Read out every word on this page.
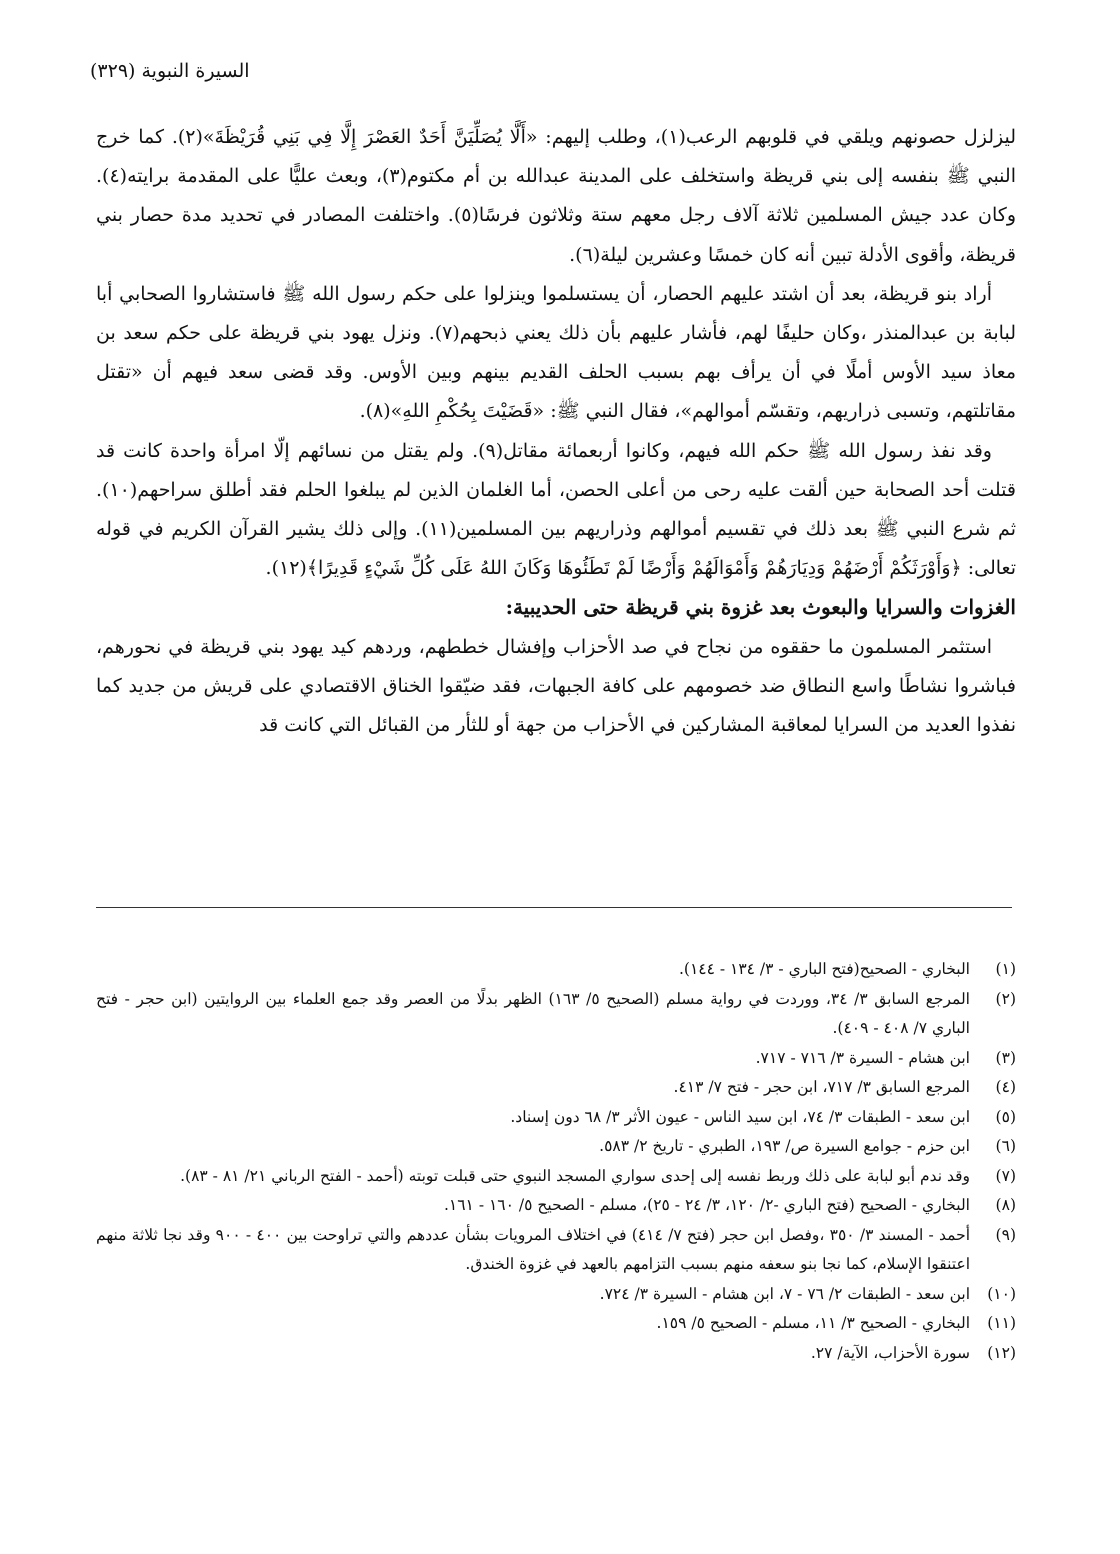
السيرة النبوية (٣٢٩)

ليزلزل حصونهم ويلقي في قلوبهم الرعب(١)، وطلب إليهم: «أَلَّا يُصَلِّيَنَّ أَحَدٌ العَصْرَ إِلَّا فِي بَنِي قُرَيْظَةَ»(٢). كما خرج النبي ﷺ بنفسه إلى بني قريظة واستخلف على المدينة عبدالله بن أم مكتوم(٣)، وبعث عليًّا على المقدمة برايته(٤). وكان عدد جيش المسلمين ثلاثة آلاف رجل معهم ستة وثلاثون فرسًا(٥). واختلفت المصادر في تحديد مدة حصار بني قريظة، وأقوى الأدلة تبين أنه كان خمسًا وعشرين ليلة(٦).

أراد بنو قريظة، بعد أن اشتد عليهم الحصار، أن يستسلموا وينزلوا على حكم رسول الله ﷺ فاستشاروا الصحابي أبا لبابة بن عبدالمنذر ،وكان حليفًا لهم، فأشار عليهم بأن ذلك يعني ذبحهم(٧). ونزل يهود بني قريظة على حكم سعد بن معاذ سيد الأوس أملًا في أن يرأف بهم بسبب الحلف القديم بينهم وبين الأوس. وقد قضى سعد فيهم أن «تقتل مقاتلتهم، وتسبى ذراريهم، وتقسّم أموالهم»، فقال النبي ﷺ: «قَضَيْتَ بِحُكْمِ اللهِ»(٨).

وقد نفذ رسول الله ﷺ حكم الله فيهم، وكانوا أربعمائة مقاتل(٩). ولم يقتل من نسائهم إلّا امرأة واحدة كانت قد قتلت أحد الصحابة حين ألقت عليه رحى من أعلى الحصن، أما الغلمان الذين لم يبلغوا الحلم فقد أطلق سراحهم(١٠). ثم شرع النبي ﷺ بعد ذلك في تقسيم أموالهم وذراريهم بين المسلمين(١١). وإلى ذلك يشير القرآن الكريم في قوله تعالى: ﴿وَأَوْرَثَكُمْ أَرْضَهُمْ وَدِيَارَهُمْ وَأَمْوَالَهُمْ وَأَرْضًا لَمْ تَطَئُوهَا وَكَانَ اللهُ عَلَى كُلِّ شَيْءٍ قَدِيرًا﴾(١٢).

الغزوات والسرايا والبعوث بعد غزوة بني قريظة حتى الحديبية:

استثمر المسلمون ما حققوه من نجاح في صد الأحزاب وإفشال خططهم، وردهم كيد يهود بني قريظة في نحورهم، فباشروا نشاطًا واسع النطاق ضد خصومهم على كافة الجبهات، فقد ضيّقوا الخناق الاقتصادي على قريش من جديد كما نفذوا العديد من السرايا لمعاقبة المشاركين في الأحزاب من جهة أو للثأر من القبائل التي كانت قد

(١)
البخاري - الصحيح(فتح الباري - ٣/ ١٣٤ - ١٤٤).
(٢)
المرجع السابق ٣/ ٣٤، ووردت في رواية مسلم (الصحيح ٥/ ١٦٣) الظهر بدلًا من العصر وقد جمع العلماء بين الروايتين (ابن حجر - فتح الباري ٧/ ٤٠٨ - ٤٠٩).
(٣)
ابن هشام - السيرة ٣/ ٧١٦ - ٧١٧.
(٤)
المرجع السابق ٣/ ٧١٧، ابن حجر - فتح ٧/ ٤١٣.
(٥)
ابن سعد - الطبقات ٣/ ٧٤، ابن سيد الناس - عيون الأثر ٣/ ٦٨ دون إسناد.
(٦)
ابن حزم - جوامع السيرة ص/ ١٩٣، الطبري - تاريخ ٢/ ٥٨٣.
(٧)
وقد ندم أبو لبابة على ذلك وربط نفسه إلى إحدى سواري المسجد النبوي حتى قبلت توبته (أحمد - الفتح الرباني ٢١/ ٨١ - ٨٣).
(٨)
البخاري - الصحيح (فتح الباري -٢/ ١٢٠، ٣/ ٢٤ - ٢٥)، مسلم - الصحيح ٥/ ١٦٠ - ١٦١.
(٩)
أحمد - المسند ٣/ ٣٥٠ ،وفصل ابن حجر (فتح ٧/ ٤١٤) في اختلاف المرويات بشأن عددهم والتي تراوحت بين ٤٠٠ - ٩٠٠ وقد نجا ثلاثة منهم اعتنقوا الإسلام، كما نجا بنو سعفه منهم بسبب التزامهم بالعهد في غزوة الخندق.
(١٠)
ابن سعد - الطبقات ٢/ ٧٦ - ٧، ابن هشام - السيرة ٣/ ٧٢٤.
(١١)
البخاري - الصحيح ٣/ ١١، مسلم - الصحيح ٥/ ١٥٩.
(١٢)
سورة الأحزاب، الآية/ ٢٧.
